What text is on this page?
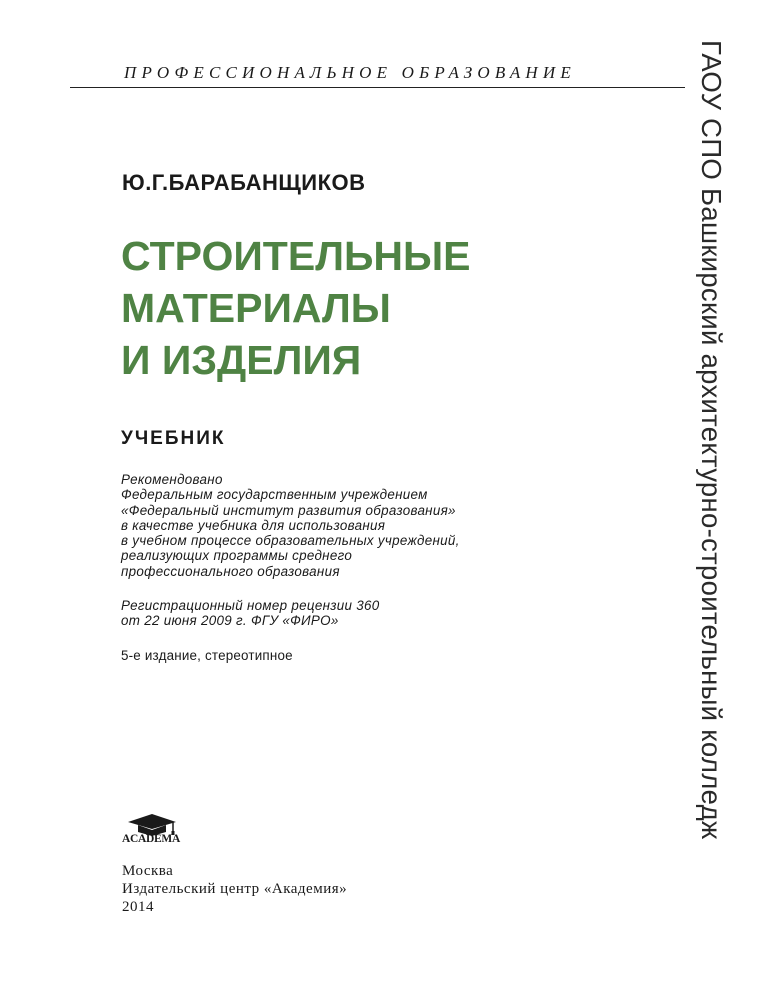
ПРОФЕССИОНАЛЬНОЕ ОБРАЗОВАНИЕ
Ю.Г.БАРАБАНЩИКОВ
СТРОИТЕЛЬНЫЕ
МАТЕРИАЛЫ
И ИЗДЕЛИЯ
УЧЕБНИК
Рекомендовано
Федеральным государственным учреждением
«Федеральный институт развития образования»
в качестве учебника для использования
в учебном процессе образовательных учреждений,
реализующих программы среднего
профессионального образования
Регистрационный номер рецензии 360
от 22 июня 2009 г. ФГУ «ФИРО»
5-е издание, стереотипное
ACADEMA
Москва
Издательский центр «Академия»
2014
ГАОУ СПО Башкирский архитектурно-строительный колледж
